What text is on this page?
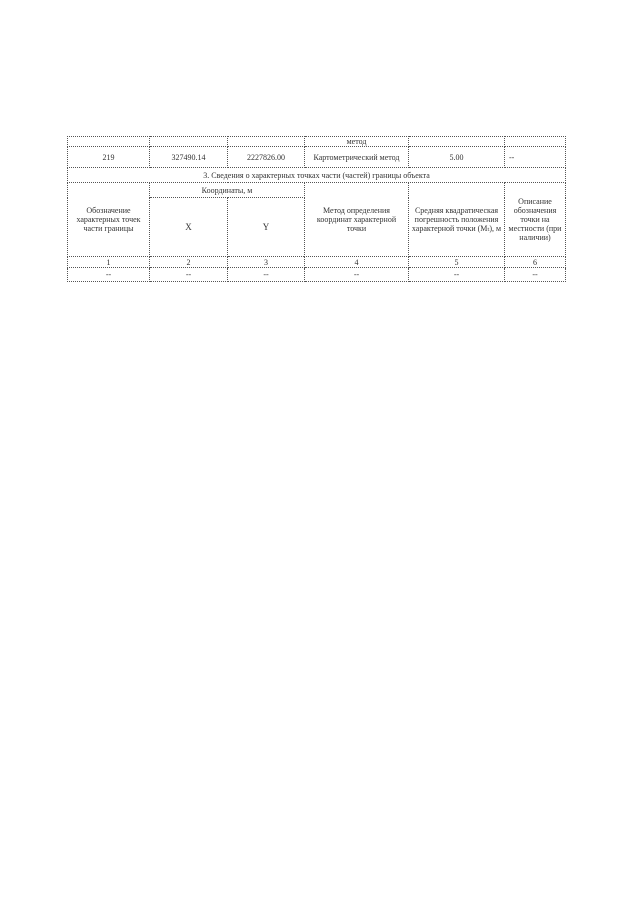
			метод		
219	327490.14	2227826.00	Картометрический метод	5.00	--
3. Сведения о характерных точках части (частей) границы объекта					
Обозначение характерных точек части границы	Координаты, м		Метод определения координат характерной точки	Средняя квадратическая погрешность положения характерной точки (Mₜ), м	Описание обозначения точки на местности (при наличии)
	X	Y			
1	2	3	4	5	6
--	--	--	--	--	--
